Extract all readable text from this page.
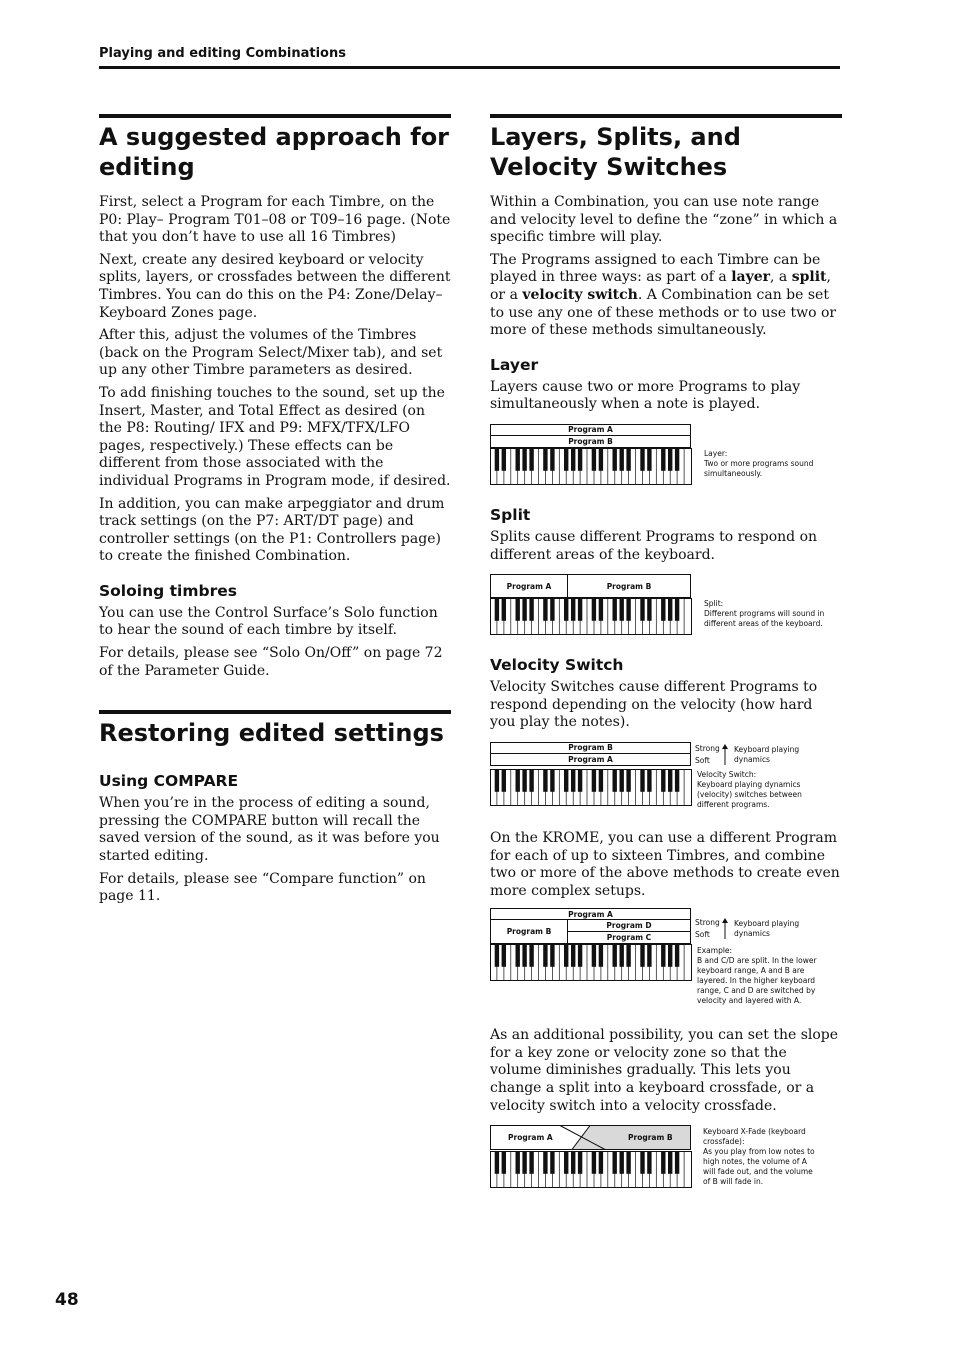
Playing and editing Combinations
A suggested approach for editing

First, select a Program for each Timbre, on the P0: Play– Program T01–08 or T09–16 page. (Note that you don’t have to use all 16 Timbres)

Next, create any desired keyboard or velocity splits, layers, or crossfades between the different Timbres. You can do this on the P4: Zone/Delay– Keyboard Zones page.

After this, adjust the volumes of the Timbres (back on the Program Select/Mixer tab), and set up any other Timbre parameters as desired.

To add finishing touches to the sound, set up the Insert, Master, and Total Effect as desired (on the P8: Routing/ IFX and P9: MFX/TFX/LFO pages, respectively.) These effects can be different from those associated with the individual Programs in Program mode, if desired.

In addition, you can make arpeggiator and drum track settings (on the P7: ART/DT page) and controller settings (on the P1: Controllers page) to create the finished Combination.

Soloing timbres

You can use the Control Surface’s Solo function to hear the sound of each timbre by itself.

For details, please see “Solo On/Off” on page 72 of the Parameter Guide.

Restoring edited settings
Using COMPARE

When you’re in the process of editing a sound, pressing the COMPARE button will recall the saved version of the sound, as it was before you started editing.

For details, please see “Compare function” on page 11.

Layers, Splits, and Velocity Switches

Within a Combination, you can use note range and velocity level to define the “zone” in which a specific timbre will play.

The Programs assigned to each Timbre can be played in three ways: as part of a layer, a split, or a velocity switch. A Combination can be set to use any one of these methods or to use two or more of these methods simultaneously.

Layer

Layers cause two or more Programs to play simultaneously when a note is played.

Program A
Program B
Layer:
Two or more programs sound simultaneously.
Split

Splits cause different Programs to respond on different areas of the keyboard.

Program A	Program B
Split:
Different programs will sound in different areas of the keyboard.
Velocity Switch

Velocity Switches cause different Programs to respond depending on the velocity (how hard you play the notes).

Program B
Program A
Strong
Soft
Keyboard playing dynamics
Velocity Switch:
Keyboard playing dynamics (velocity) switches between different programs.

On the KROME, you can use a different Program for each of up to sixteen Timbres, and combine two or more of the above methods to create even more complex setups.

Program A
Program B
Program D
Program C
Strong
Soft
Keyboard playing dynamics
Example:
B and C/D are split. In the lower keyboard range, A and B are layered. In the higher keyboard range, C and D are switched by velocity and layered with A.

As an additional possibility, you can set the slope for a key zone or velocity zone so that the volume diminishes gradually. This lets you change a split into a keyboard crossfade, or a velocity switch into a velocity crossfade.

Program A	Program B
Keyboard X-Fade (keyboard crossfade):
As you play from low notes to high notes, the volume of A will fade out, and the volume of B will fade in.
48
